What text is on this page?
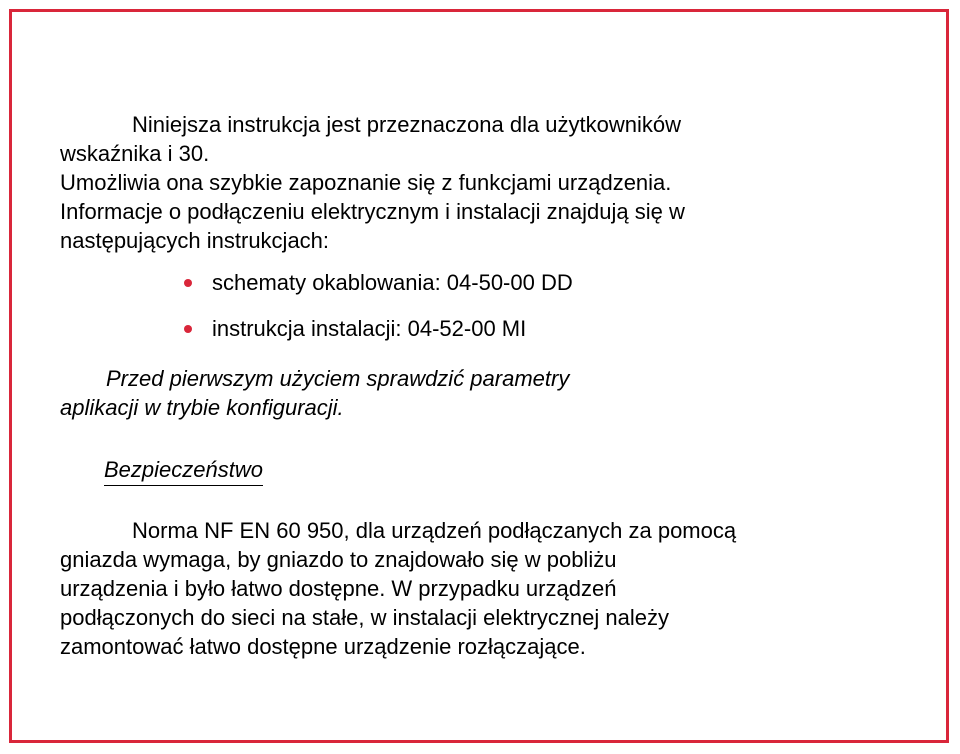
Niniejsza instrukcja jest przeznaczona dla użytkowników
wskaźnika i 30.
Umożliwia ona szybkie zapoznanie się z funkcjami urządzenia.
Informacje o podłączeniu elektrycznym i instalacji znajdują się w
następujących instrukcjach:
schematy okablowania: 04-50-00 DD
instrukcja instalacji: 04-52-00 MI
Przed pierwszym użyciem sprawdzić parametry
aplikacji w trybie konfiguracji.
Bezpieczeństwo
Norma NF EN 60 950, dla urządzeń podłączanych za pomocą
gniazda wymaga, by gniazdo to znajdowało się w pobliżu
urządzenia i było łatwo dostępne. W przypadku urządzeń
podłączonych do sieci na stałe, w instalacji elektrycznej należy
zamontować łatwo dostępne urządzenie rozłączające.
